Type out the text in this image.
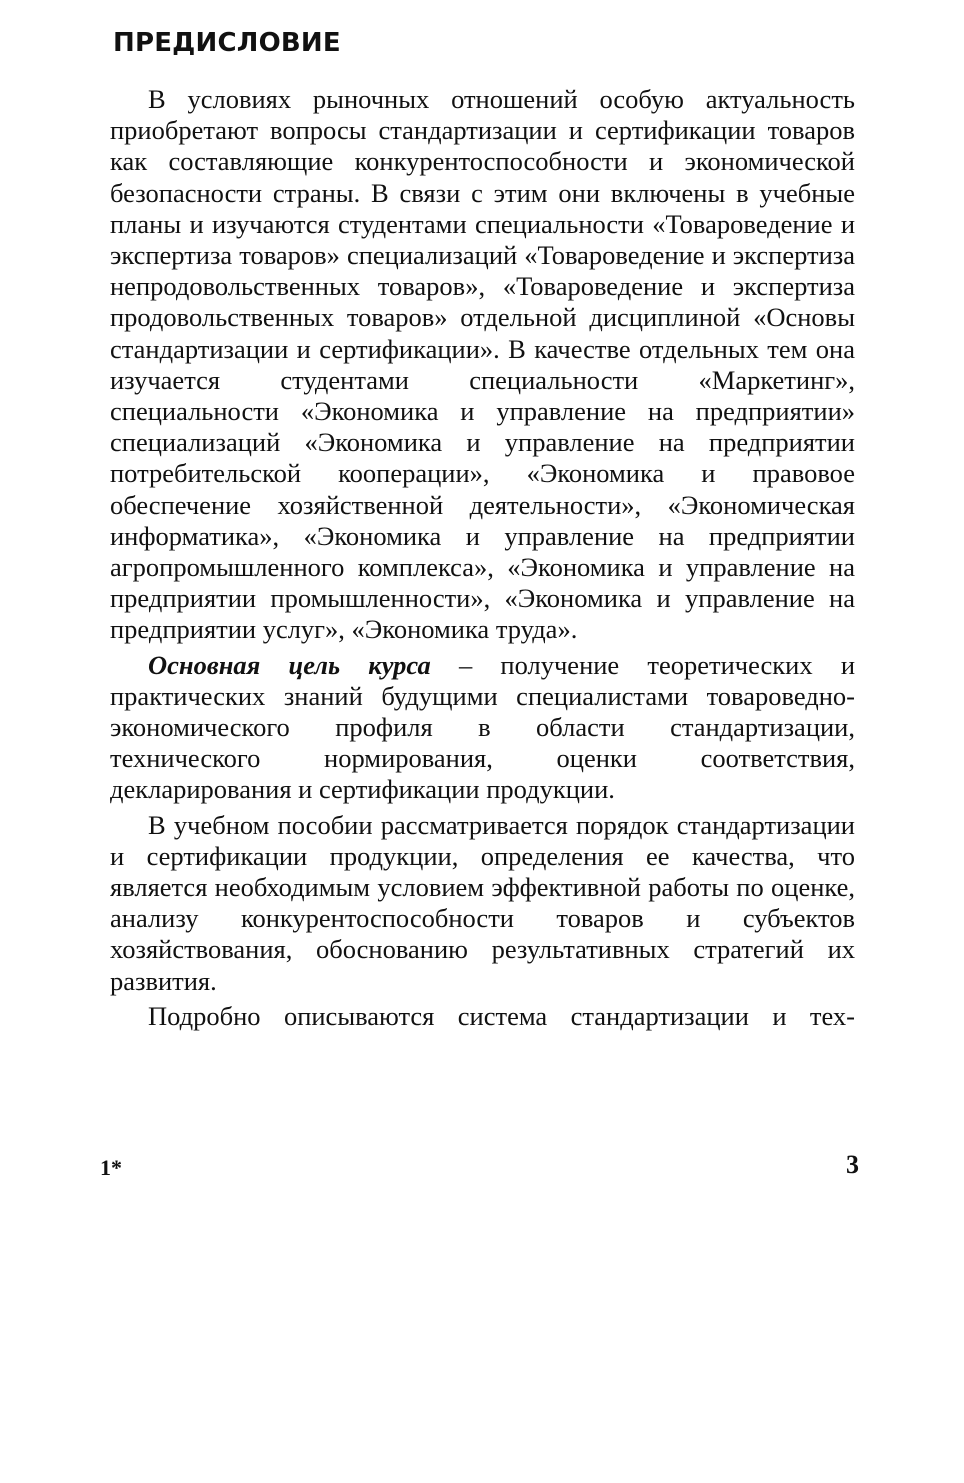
ПРЕДИСЛОВИЕ

В условиях рыночных отношений особую актуальность приобретают вопросы стандартизации и сертификации товаров как составляющие конкурентоспособности и экономической безопасности страны. В связи с этим они включены в учебные планы и изучаются студентами специальности «Товароведение и экспертиза товаров» специализаций «Товароведение и экспертиза непродовольственных товаров», «Товароведение и экспертиза продовольственных товаров» отдельной дисциплиной «Основы стандартизации и сертификации». В качестве отдельных тем она изучается студентами специальности «Маркетинг», специальности «Экономика и управление на предприятии» специализаций «Экономика и управление на предприятии потребительской кооперации», «Экономика и правовое обеспечение хозяйственной деятельности», «Экономическая информатика», «Экономика и управление на предприятии агропромышленного комплекса», «Экономика и управление на предприятии промышленности», «Экономика и управление на предприятии услуг», «Экономика труда».

Основная цель курса – получение теоретических и практических знаний будущими специалистами товароведно-экономического профиля в области стандартизации, технического нормирования, оценки соответствия, декларирования и сертификации продукции.

В учебном пособии рассматривается порядок стандартизации и сертификации продукции, определения ее качества, что является необходимым условием эффективной работы по оценке, анализу конкурентоспособности товаров и субъектов хозяйствования, обоснованию результативных стратегий их развития.

Подробно описываются система стандартизации и тех-

1*	3
